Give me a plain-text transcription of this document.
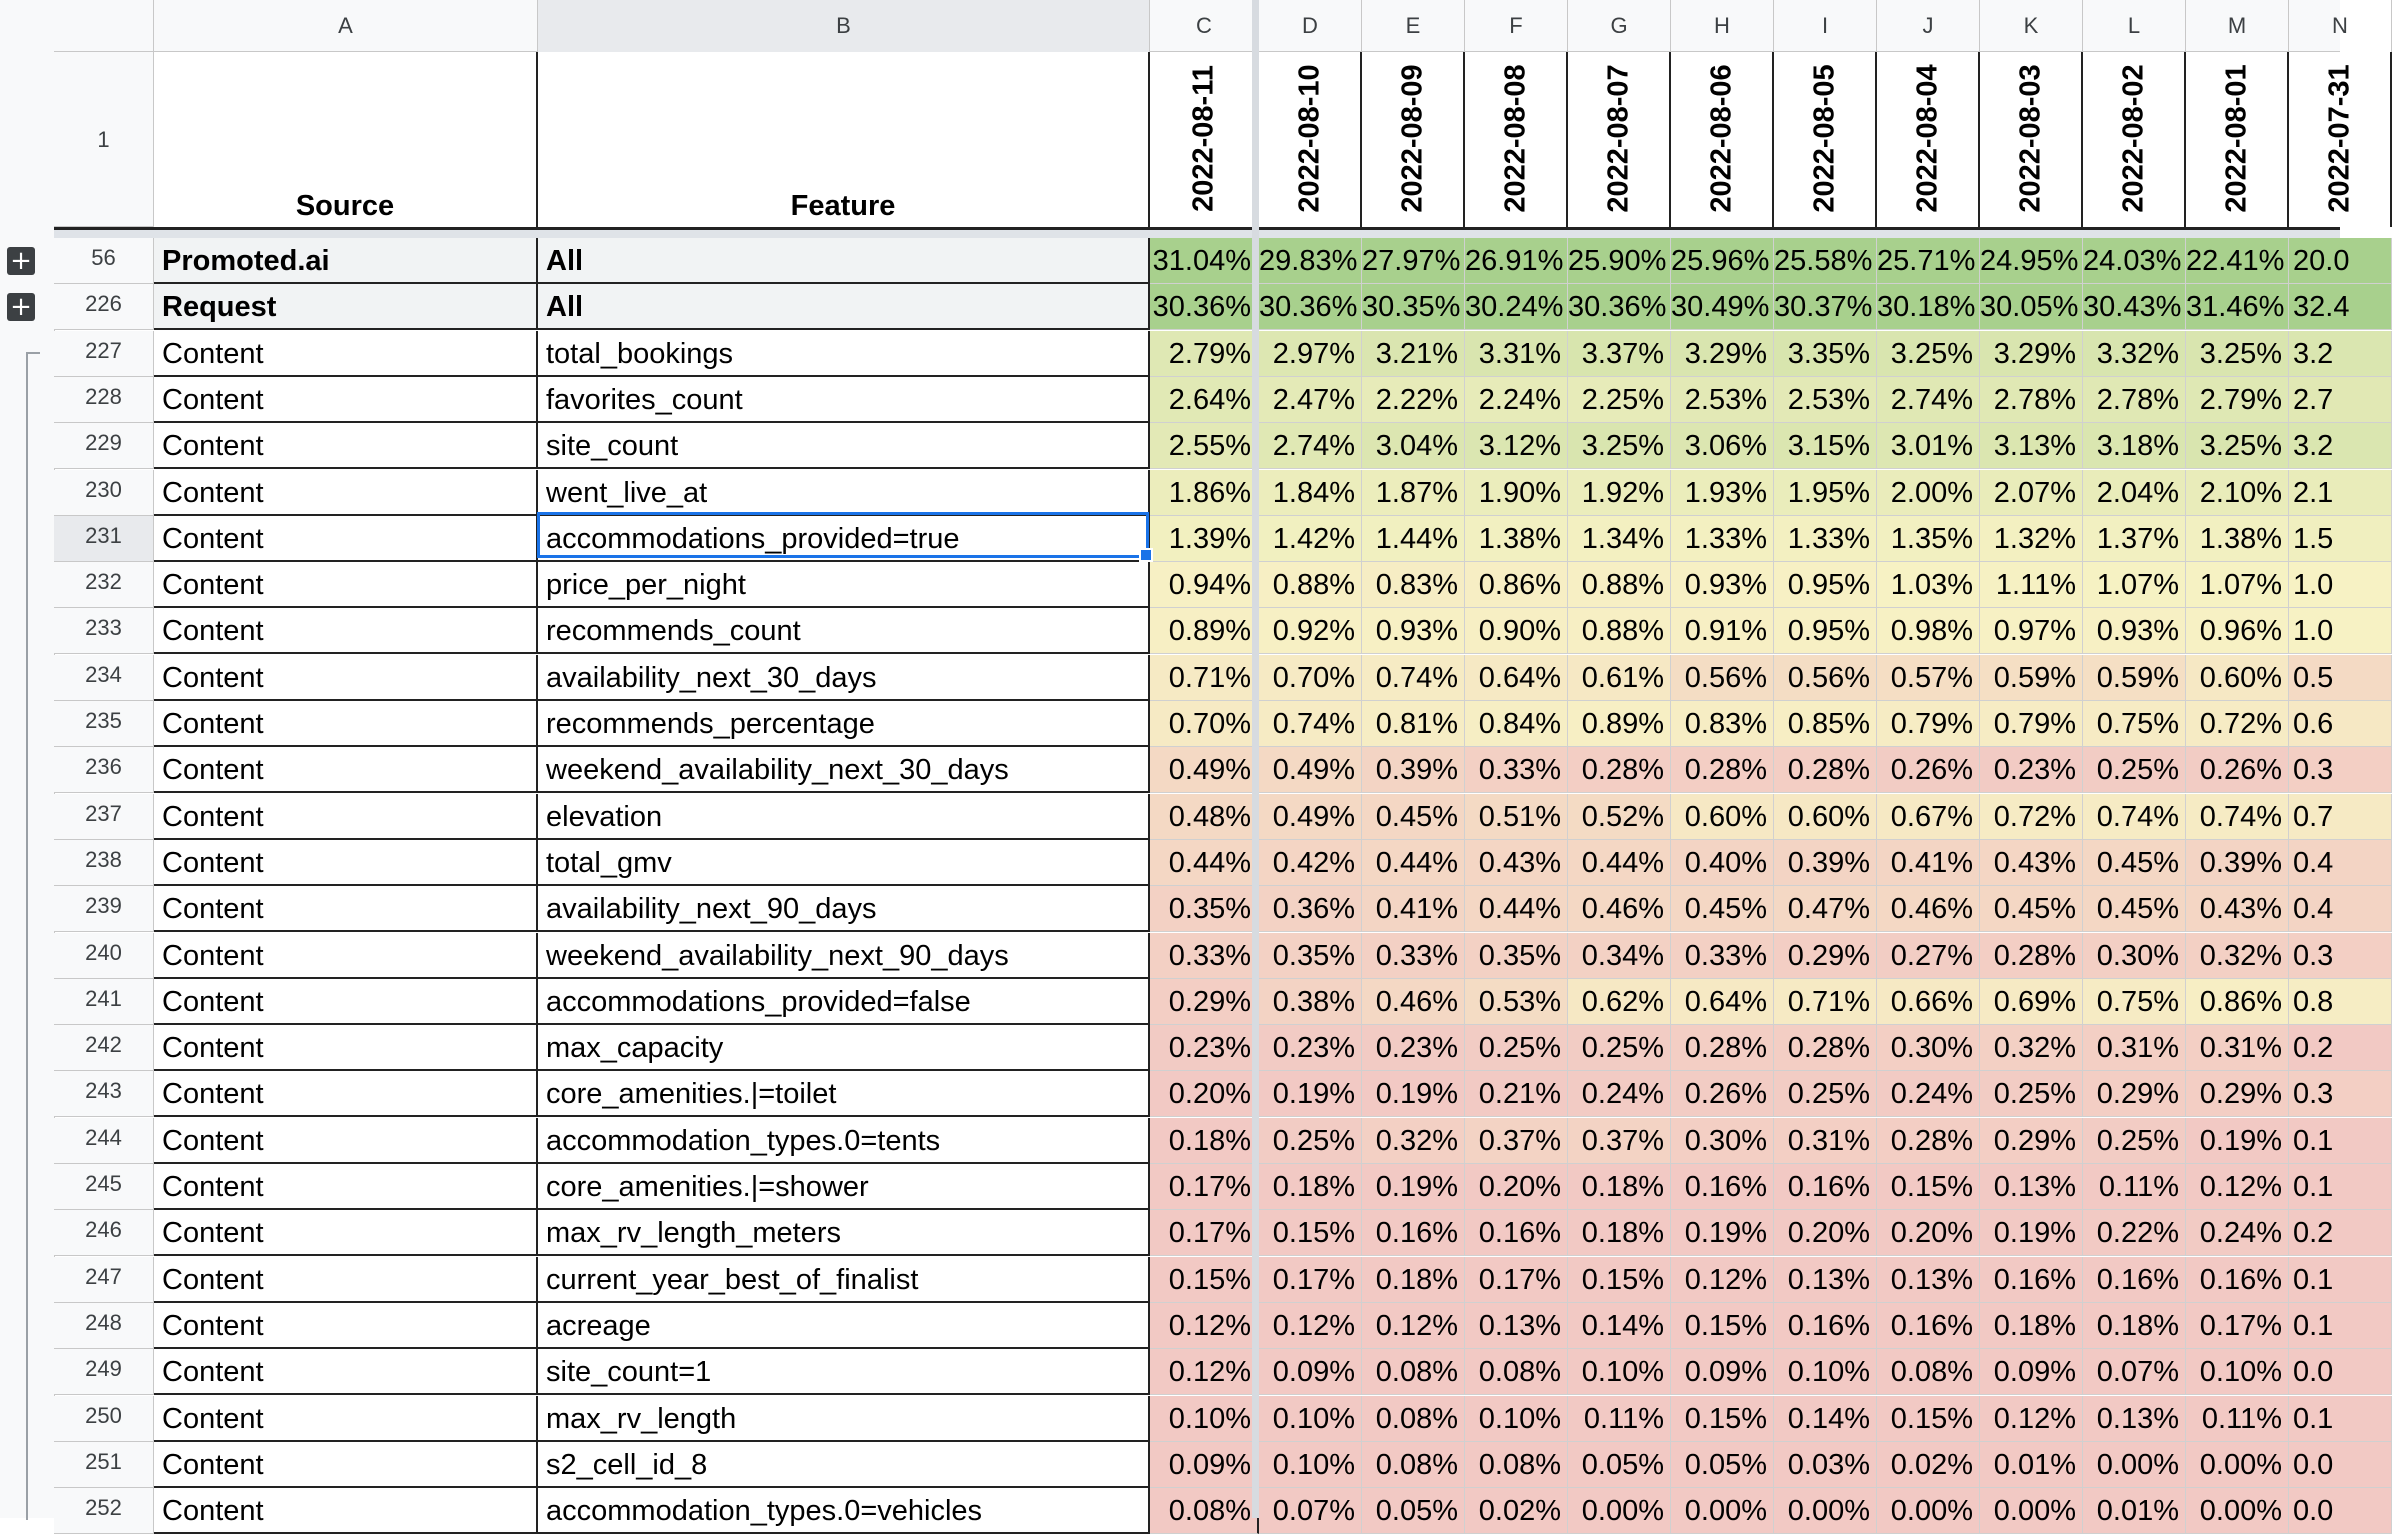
+
+
A	B	C	D	E	F	G	H	I	J	K	L	M	N
1
Source	Feature	2022-08-11	2022-08-10 2022-08-09 2022-08-08 2022-08-07 2022-08-06 2022-08-05 2022-08-04 2022-08-03 2022-08-02 2022-08-01 2022-07-31
56	Promoted.ai	All	31.04% 29.83% 27.97% 26.91% 25.90% 25.96% 25.58% 25.71% 24.95% 24.03% 22.41% 20.0
226	Request	All	30.36% 30.36% 30.35% 30.24% 30.36% 30.49% 30.37% 30.18% 30.05% 30.43% 31.46% 32.4
227	Content	total_bookings	2.79% 2.97% 3.21% 3.31% 3.37% 3.29% 3.35% 3.25% 3.29% 3.32% 3.25% 3.2
228	Content	favorites_count	2.64% 2.47% 2.22% 2.24% 2.25% 2.53% 2.53% 2.74% 2.78% 2.78% 2.79% 2.7
229	Content	site_count	2.55% 2.74% 3.04% 3.12% 3.25% 3.06% 3.15% 3.01% 3.13% 3.18% 3.25% 3.2
230	Content	went_live_at	1.86% 1.84% 1.87% 1.90% 1.92% 1.93% 1.95% 2.00% 2.07% 2.04% 2.10% 2.1
231	Content	accommodations_provided=true	1.39% 1.42% 1.44% 1.38% 1.34% 1.33% 1.33% 1.35% 1.32% 1.37% 1.38% 1.5
232	Content	price_per_night	0.94% 0.88% 0.83% 0.86% 0.88% 0.93% 0.95% 1.03% 1.11% 1.07% 1.07% 1.0
233	Content	recommends_count	0.89% 0.92% 0.93% 0.90% 0.88% 0.91% 0.95% 0.98% 0.97% 0.93% 0.96% 1.0
234	Content	availability_next_30_days	0.71% 0.70% 0.74% 0.64% 0.61% 0.56% 0.56% 0.57% 0.59% 0.59% 0.60% 0.5
235	Content	recommends_percentage	0.70% 0.74% 0.81% 0.84% 0.89% 0.83% 0.85% 0.79% 0.79% 0.75% 0.72% 0.6
236	Content	weekend_availability_next_30_days	0.49% 0.49% 0.39% 0.33% 0.28% 0.28% 0.28% 0.26% 0.23% 0.25% 0.26% 0.3
237	Content	elevation	0.48% 0.49% 0.45% 0.51% 0.52% 0.60% 0.60% 0.67% 0.72% 0.74% 0.74% 0.7
238	Content	total_gmv	0.44% 0.42% 0.44% 0.43% 0.44% 0.40% 0.39% 0.41% 0.43% 0.45% 0.39% 0.4
239	Content	availability_next_90_days	0.35% 0.36% 0.41% 0.44% 0.46% 0.45% 0.47% 0.46% 0.45% 0.45% 0.43% 0.4
240	Content	weekend_availability_next_90_days	0.33% 0.35% 0.33% 0.35% 0.34% 0.33% 0.29% 0.27% 0.28% 0.30% 0.32% 0.3
241	Content	accommodations_provided=false	0.29% 0.38% 0.46% 0.53% 0.62% 0.64% 0.71% 0.66% 0.69% 0.75% 0.86% 0.8
242	Content	max_capacity	0.23% 0.23% 0.23% 0.25% 0.25% 0.28% 0.28% 0.30% 0.32% 0.31% 0.31% 0.2
243	Content	core_amenities.|=toilet	0.20% 0.19% 0.19% 0.21% 0.24% 0.26% 0.25% 0.24% 0.25% 0.29% 0.29% 0.3
244	Content	accommodation_types.0=tents	0.18% 0.25% 0.32% 0.37% 0.37% 0.30% 0.31% 0.28% 0.29% 0.25% 0.19% 0.1
245	Content	core_amenities.|=shower	0.17% 0.18% 0.19% 0.20% 0.18% 0.16% 0.16% 0.15% 0.13% 0.11% 0.12% 0.1
246	Content	max_rv_length_meters	0.17% 0.15% 0.16% 0.16% 0.18% 0.19% 0.20% 0.20% 0.19% 0.22% 0.24% 0.2
247	Content	current_year_best_of_finalist	0.15% 0.17% 0.18% 0.17% 0.15% 0.12% 0.13% 0.13% 0.16% 0.16% 0.16% 0.1
248	Content	acreage	0.12% 0.12% 0.12% 0.13% 0.14% 0.15% 0.16% 0.16% 0.18% 0.18% 0.17% 0.1
249	Content	site_count=1	0.12% 0.09% 0.08% 0.08% 0.10% 0.09% 0.10% 0.08% 0.09% 0.07% 0.10% 0.0
250	Content	max_rv_length	0.10% 0.10% 0.08% 0.10% 0.11% 0.15% 0.14% 0.15% 0.12% 0.13% 0.11% 0.1
251	Content	s2_cell_id_8	0.09% 0.10% 0.08% 0.08% 0.05% 0.05% 0.03% 0.02% 0.01% 0.00% 0.00% 0.0
252	Content	accommodation_types.0=vehicles	0.08% 0.07% 0.05% 0.02% 0.00% 0.00% 0.00% 0.00% 0.00% 0.01% 0.00% 0.0
